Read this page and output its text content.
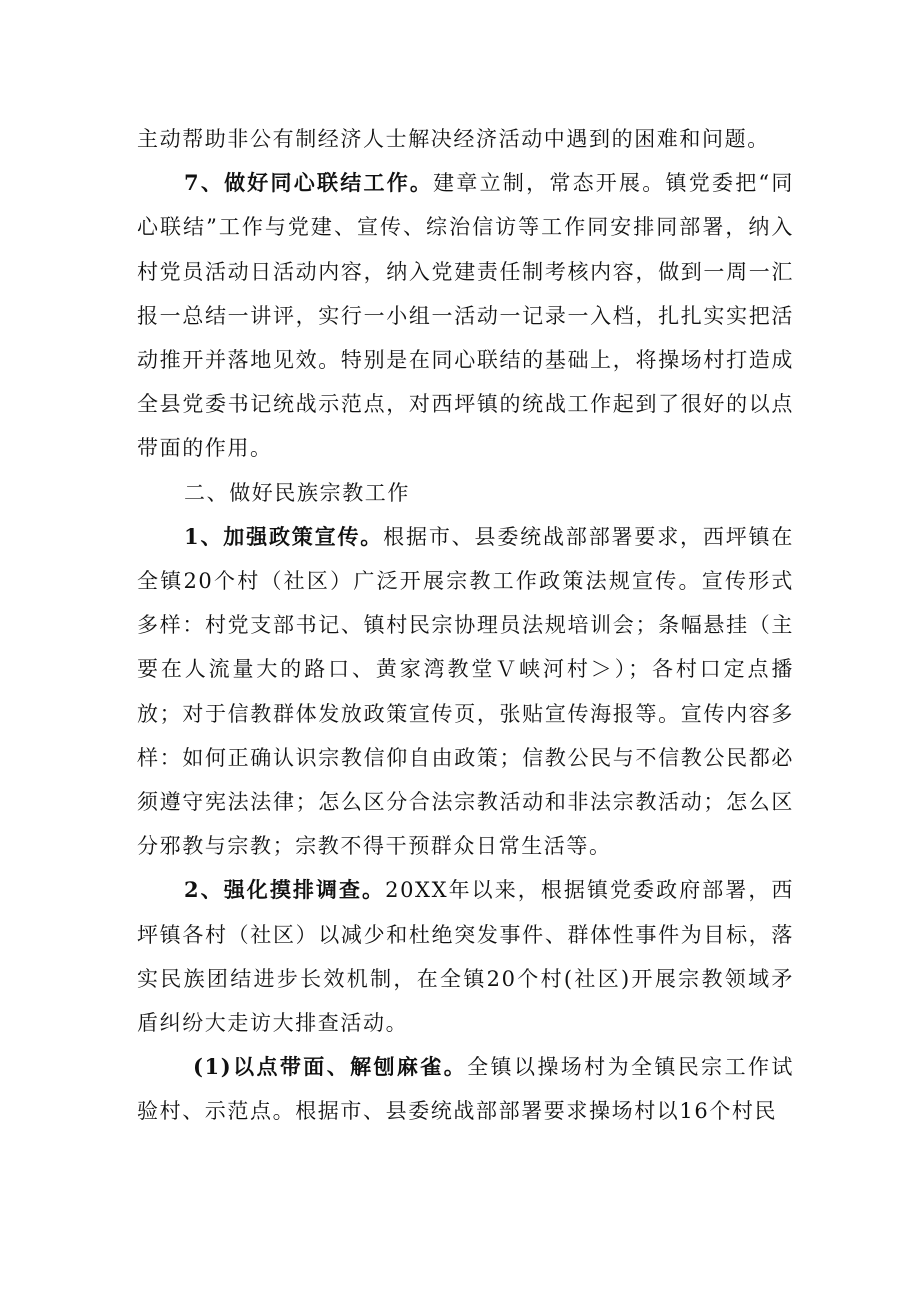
主动帮助非公有制经济人士解决经济活动中遇到的困难和问题。

7、做好同心联结工作。建章立制，常态开展。镇党委把“同心联结”工作与党建、宣传、综治信访等工作同安排同部署，纳入村党员活动日活动内容，纳入党建责任制考核内容，做到一周一汇报一总结一讲评，实行一小组一活动一记录一入档，扎扎实实把活动推开并落地见效。特别是在同心联结的基础上，将操场村打造成全县党委书记统战示范点，对西坪镇的统战工作起到了很好的以点带面的作用。

二、做好民族宗教工作

1、加强政策宣传。根据市、县委统战部部署要求，西坪镇在全镇20个村（社区）广泛开展宗教工作政策法规宣传。宣传形式多样：村党支部书记、镇村民宗协理员法规培训会；条幅悬挂（主要在人流量大的路口、黄家湾教堂Ｖ峡河村＞）；各村口定点播放；对于信教群体发放政策宣传页，张贴宣传海报等。宣传内容多样：如何正确认识宗教信仰自由政策；信教公民与不信教公民都必须遵守宪法法律；怎么区分合法宗教活动和非法宗教活动；怎么区分邪教与宗教；宗教不得干预群众日常生活等。

2、强化摸排调查。20XX年以来，根据镇党委政府部署，西坪镇各村（社区）以减少和杜绝突发事件、群体性事件为目标，落实民族团结进步长效机制，在全镇20个村(社区)开展宗教领域矛盾纠纷大走访大排查活动。

(1)以点带面、解刨麻雀。全镇以操场村为全镇民宗工作试验村、示范点。根据市、县委统战部部署要求操场村以16个村民
